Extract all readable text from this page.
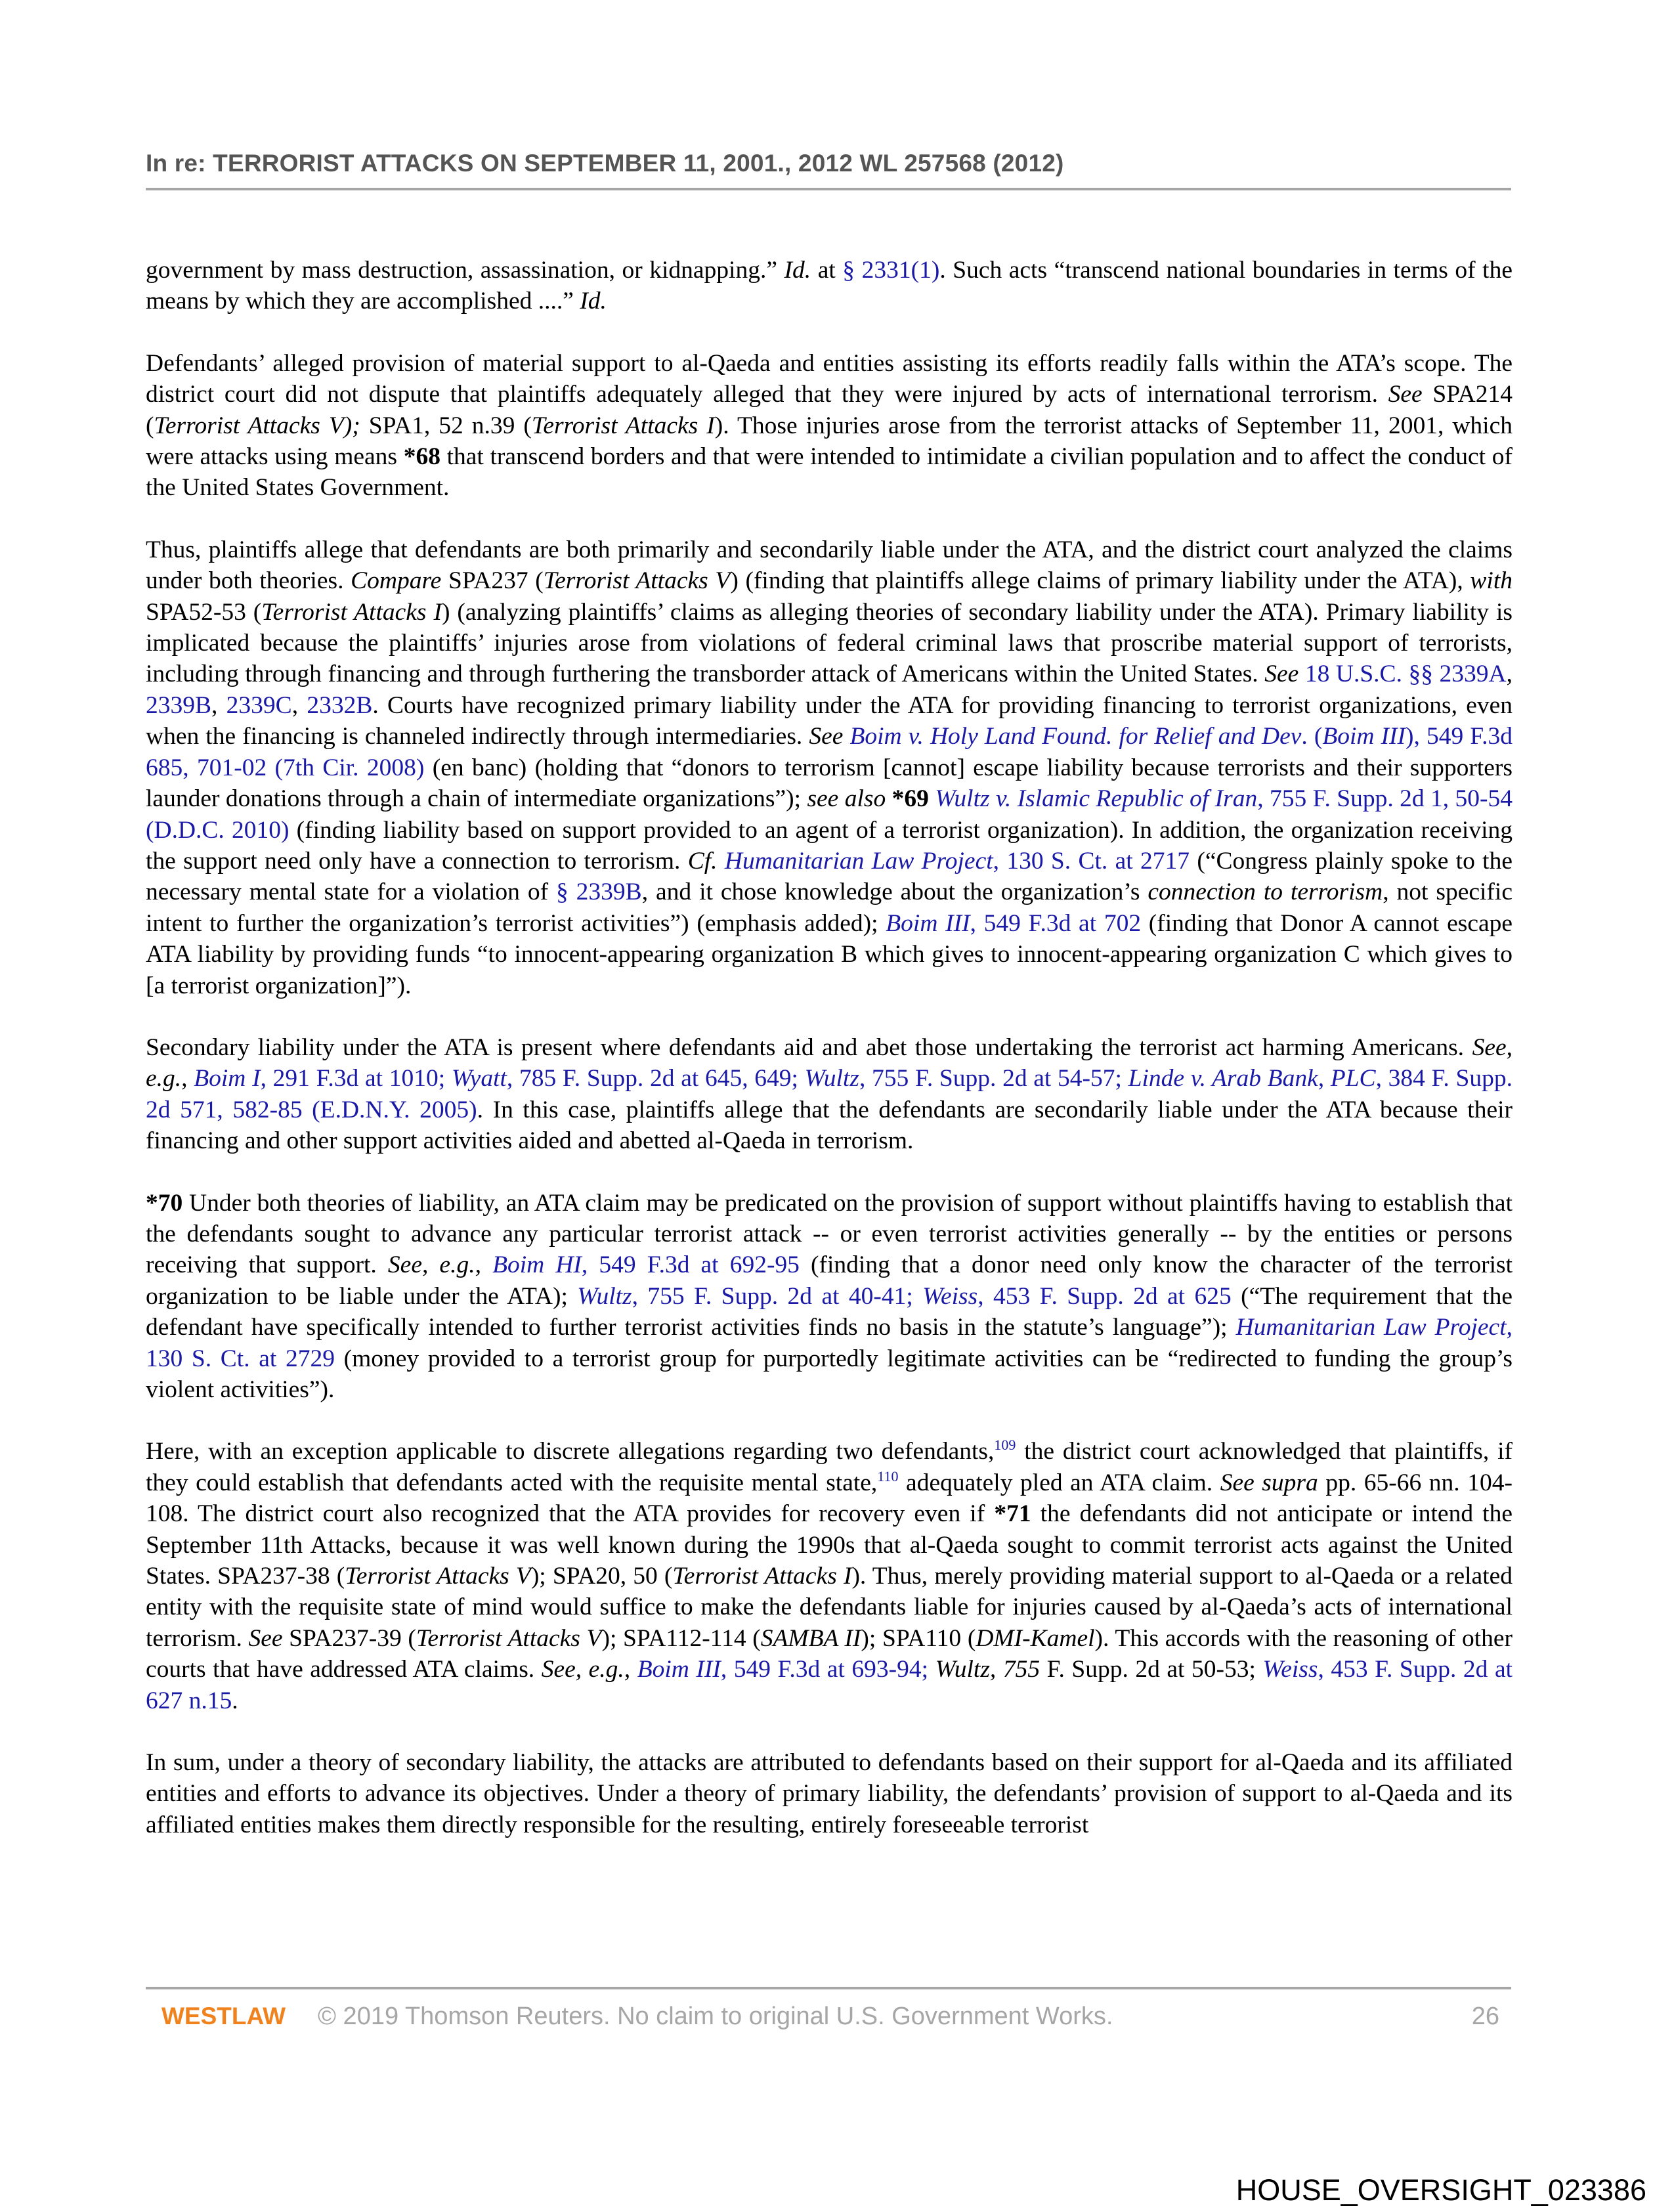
In re: TERRORIST ATTACKS ON SEPTEMBER 11, 2001., 2012 WL 257568 (2012)

government by mass destruction, assassination, or kidnapping.” Id. at § 2331(1). Such acts “transcend national boundaries in terms of the means by which they are accomplished ....” Id.

Defendants’ alleged provision of material support to al-Qaeda and entities assisting its efforts readily falls within the ATA’s scope. The district court did not dispute that plaintiffs adequately alleged that they were injured by acts of international terrorism. See SPA214 (Terrorist Attacks V); SPA1, 52 n.39 (Terrorist Attacks I). Those injuries arose from the terrorist attacks of September 11, 2001, which were attacks using means *68 that transcend borders and that were intended to intimidate a civilian population and to affect the conduct of the United States Government.

Thus, plaintiffs allege that defendants are both primarily and secondarily liable under the ATA, and the district court analyzed the claims under both theories. Compare SPA237 (Terrorist Attacks V) (finding that plaintiffs allege claims of primary liability under the ATA), with SPA52-53 (Terrorist Attacks I) (analyzing plaintiffs’ claims as alleging theories of secondary liability under the ATA). Primary liability is implicated because the plaintiffs’ injuries arose from violations of federal criminal laws that proscribe material support of terrorists, including through financing and through furthering the transborder attack of Americans within the United States. See 18 U.S.C. §§ 2339A, 2339B, 2339C, 2332B. Courts have recognized primary liability under the ATA for providing financing to terrorist organizations, even when the financing is channeled indirectly through intermediaries. See Boim v. Holy Land Found. for Relief and Dev. (Boim III), 549 F.3d 685, 701-02 (7th Cir. 2008) (en banc) (holding that “donors to terrorism [cannot] escape liability because terrorists and their supporters launder donations through a chain of intermediate organizations”); see also *69 Wultz v. Islamic Republic of Iran, 755 F. Supp. 2d 1, 50-54 (D.D.C. 2010) (finding liability based on support provided to an agent of a terrorist organization). In addition, the organization receiving the support need only have a connection to terrorism. Cf. Humanitarian Law Project, 130 S. Ct. at 2717 (“Congress plainly spoke to the necessary mental state for a violation of § 2339B, and it chose knowledge about the organization’s connection to terrorism, not specific intent to further the organization’s terrorist activities”) (emphasis added); Boim III, 549 F.3d at 702 (finding that Donor A cannot escape ATA liability by providing funds “to innocent-appearing organization B which gives to innocent-appearing organization C which gives to [a terrorist organization]”).

Secondary liability under the ATA is present where defendants aid and abet those undertaking the terrorist act harming Americans. See, e.g., Boim I, 291 F.3d at 1010; Wyatt, 785 F. Supp. 2d at 645, 649; Wultz, 755 F. Supp. 2d at 54-57; Linde v. Arab Bank, PLC, 384 F. Supp. 2d 571, 582-85 (E.D.N.Y. 2005). In this case, plaintiffs allege that the defendants are secondarily liable under the ATA because their financing and other support activities aided and abetted al-Qaeda in terrorism.

*70 Under both theories of liability, an ATA claim may be predicated on the provision of support without plaintiffs having to establish that the defendants sought to advance any particular terrorist attack -- or even terrorist activities generally -- by the entities or persons receiving that support. See, e.g., Boim HI, 549 F.3d at 692-95 (finding that a donor need only know the character of the terrorist organization to be liable under the ATA); Wultz, 755 F. Supp. 2d at 40-41; Weiss, 453 F. Supp. 2d at 625 (“The requirement that the defendant have specifically intended to further terrorist activities finds no basis in the statute’s language”); Humanitarian Law Project, 130 S. Ct. at 2729 (money provided to a terrorist group for purportedly legitimate activities can be “redirected to funding the group’s violent activities”).

Here, with an exception applicable to discrete allegations regarding two defendants,$^{109}$ the district court acknowledged that plaintiffs, if they could establish that defendants acted with the requisite mental state,$^{110}$ adequately pled an ATA claim. See supra pp. 65-66 nn. 104-108. The district court also recognized that the ATA provides for recovery even if *71 the defendants did not anticipate or intend the September 11th Attacks, because it was well known during the 1990s that al-Qaeda sought to commit terrorist acts against the United States. SPA237-38 (Terrorist Attacks V); SPA20, 50 (Terrorist Attacks I). Thus, merely providing material support to al-Qaeda or a related entity with the requisite state of mind would suffice to make the defendants liable for injuries caused by al-Qaeda’s acts of international terrorism. See SPA237-39 (Terrorist Attacks V); SPA112-114 (SAMBA II); SPA110 (DMI-Kamel). This accords with the reasoning of other courts that have addressed ATA claims. See, e.g., Boim III, 549 F.3d at 693-94; Wultz, 755 F. Supp. 2d at 50-53; Weiss, 453 F. Supp. 2d at 627 n.15.

In sum, under a theory of secondary liability, the attacks are attributed to defendants based on their support for al-Qaeda and its affiliated entities and efforts to advance its objectives. Under a theory of primary liability, the defendants’ provision of support to al-Qaeda and its affiliated entities makes them directly responsible for the resulting, entirely foreseeable terrorist

WESTLAW © 2019 Thomson Reuters. No claim to original U.S. Government Works.	26
HOUSE_OVERSIGHT_023386
